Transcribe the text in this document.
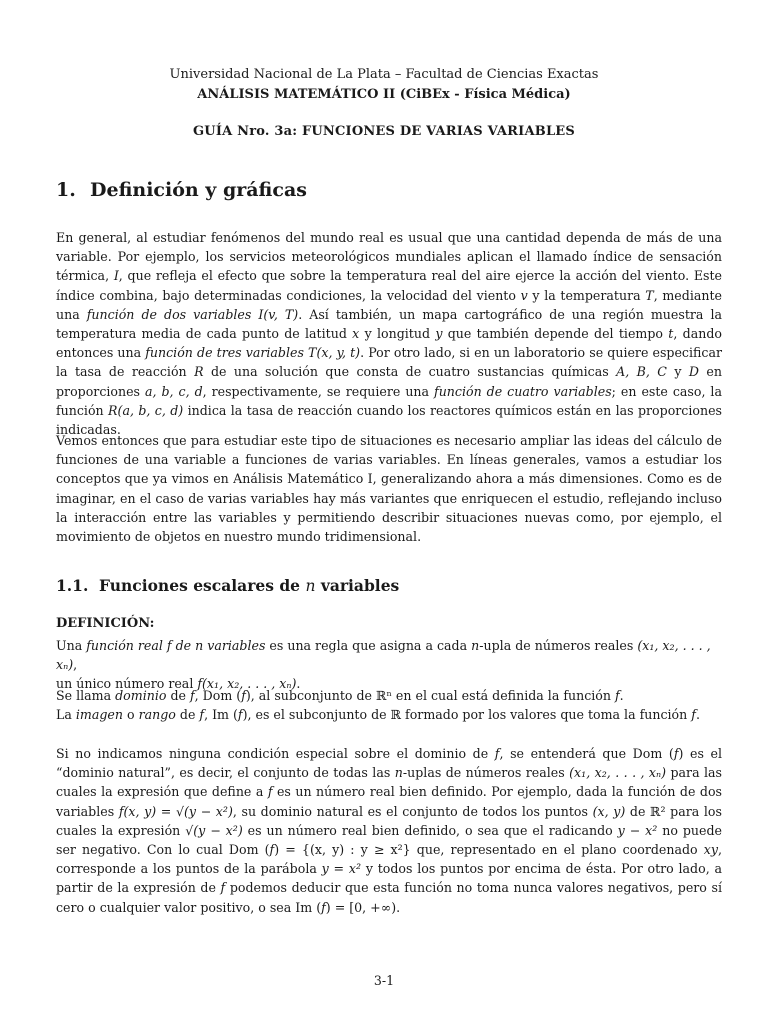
Universidad Nacional de La Plata – Facultad de Ciencias Exactas
ANÁLISIS MATEMÁTICO II (CiBEx - Física Médica)
GUÍA Nro. 3a: FUNCIONES DE VARIAS VARIABLES
1. Definición y gráficas
En general, al estudiar fenómenos del mundo real es usual que una cantidad dependa de más de una variable. Por ejemplo, los servicios meteorológicos mundiales aplican el llamado índice de sensación térmica, I, que refleja el efecto que sobre la temperatura real del aire ejerce la acción del viento. Este índice combina, bajo determinadas condiciones, la velocidad del viento v y la temperatura T, mediante una función de dos variables I(v, T). Así también, un mapa cartográfico de una región muestra la temperatura media de cada punto de latitud x y longitud y que también depende del tiempo t, dando entonces una función de tres variables T(x, y, t). Por otro lado, si en un laboratorio se quiere especificar la tasa de reacción R de una solución que consta de cuatro sustancias químicas A, B, C y D en proporciones a, b, c, d, respectivamente, se requiere una función de cuatro variables; en este caso, la función R(a, b, c, d) indica la tasa de reacción cuando los reactores químicos están en las proporciones indicadas.
Vemos entonces que para estudiar este tipo de situaciones es necesario ampliar las ideas del cálculo de funciones de una variable a funciones de varias variables. En líneas generales, vamos a estudiar los conceptos que ya vimos en Análisis Matemático I, generalizando ahora a más dimensiones. Como es de imaginar, en el caso de varias variables hay más variantes que enriquecen el estudio, reflejando incluso la interacción entre las variables y permitiendo describir situaciones nuevas como, por ejemplo, el movimiento de objetos en nuestro mundo tridimensional.
1.1. Funciones escalares de n variables
DEFINICIÓN:
Una función real f de n variables es una regla que asigna a cada n-upla de números reales (x₁, x₂, . . . , xₙ),
un único número real f(x₁, x₂, . . . , xₙ).
Se llama dominio de f, Dom (f), al subconjunto de ℝⁿ en el cual está definida la función f.
La imagen o rango de f, Im (f), es el subconjunto de ℝ formado por los valores que toma la función f.
Si no indicamos ninguna condición especial sobre el dominio de f, se entenderá que Dom (f) es el “dominio natural”, es decir, el conjunto de todas las n-uplas de números reales (x₁, x₂, . . . , xₙ) para las cuales la expresión que define a f es un número real bien definido. Por ejemplo, dada la función de dos variables f(x, y) = √(y − x²), su dominio natural es el conjunto de todos los puntos (x, y) de ℝ² para los cuales la expresión √(y − x²) es un número real bien definido, o sea que el radicando y − x² no puede ser negativo. Con lo cual Dom (f) = {(x, y) : y ≥ x²} que, representado en el plano coordenado xy, corresponde a los puntos de la parábola y = x² y todos los puntos por encima de ésta. Por otro lado, a partir de la expresión de f podemos deducir que esta función no toma nunca valores negativos, pero sí cero o cualquier valor positivo, o sea Im (f) = [0, +∞).
3-1
